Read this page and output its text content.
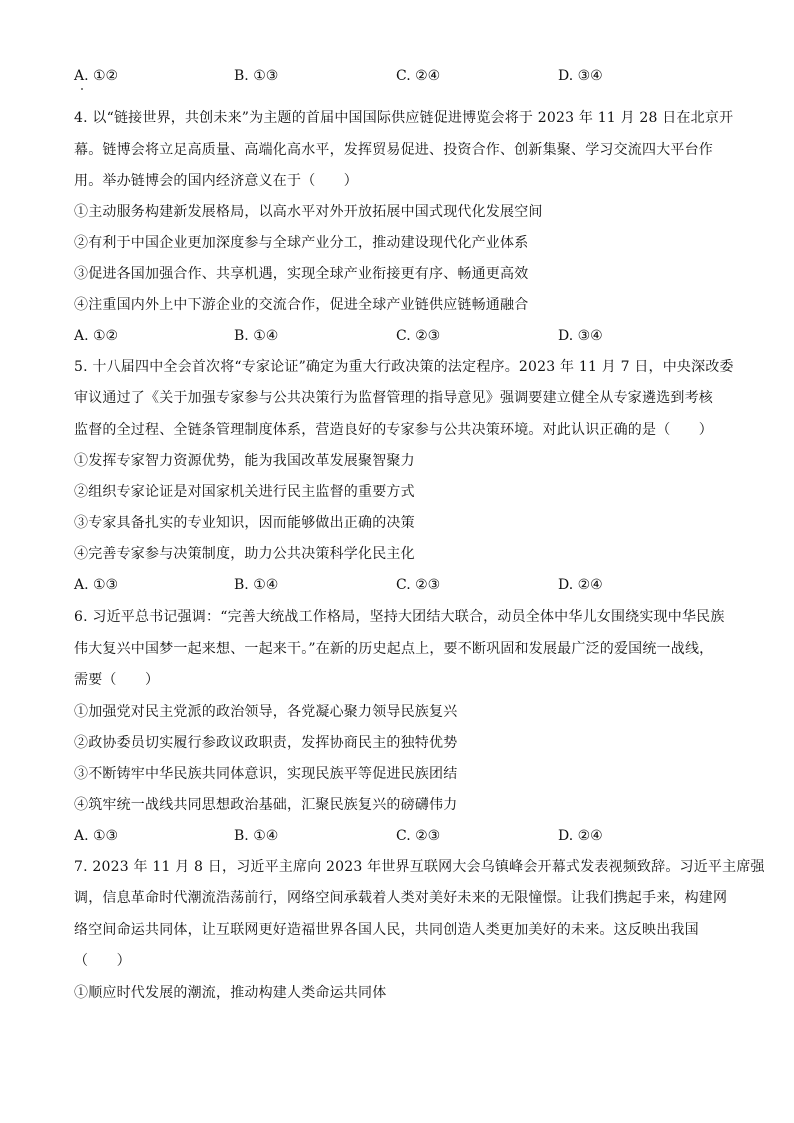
A. ①②	B. ①③	C. ②④	D. ③④
4. 以“链接世界，共创未来”为主题的首届中国国际供应链促进博览会将于 2023 年 11 月 28 日在北京开
幕。链博会将立足高质量、高端化高水平，发挥贸易促进、投资合作、创新集聚、学习交流四大平台作
用。举办链博会的国内经济意义在于（　　）
①主动服务构建新发展格局，以高水平对外开放拓展中国式现代化发展空间
②有利于中国企业更加深度参与全球产业分工，推动建设现代化产业体系
③促进各国加强合作、共享机遇，实现全球产业衔接更有序、畅通更高效
④注重国内外上中下游企业的交流合作，促进全球产业链供应链畅通融合
A. ①②	B. ①④	C. ②③	D. ③④
5. 十八届四中全会首次将“专家论证”确定为重大行政决策的法定程序。2023 年 11 月 7 日，中央深改委
审议通过了《关于加强专家参与公共决策行为监督管理的指导意见》强调要建立健全从专家遴选到考核
监督的全过程、全链条管理制度体系，营造良好的专家参与公共决策环境。对此认识正确的是（　　）
①发挥专家智力资源优势，能为我国改革发展聚智聚力
②组织专家论证是对国家机关进行民主监督的重要方式
③专家具备扎实的专业知识，因而能够做出正确的决策
④完善专家参与决策制度，助力公共决策科学化民主化
A. ①③	B. ①④	C. ②③	D. ②④
6. 习近平总书记强调：“完善大统战工作格局，坚持大团结大联合，动员全体中华儿女围绕实现中华民族
伟大复兴中国梦一起来想、一起来干。”在新的历史起点上，要不断巩固和发展最广泛的爱国统一战线，
需要（　　）
①加强党对民主党派的政治领导，各党凝心聚力领导民族复兴
②政协委员切实履行参政议政职责，发挥协商民主的独特优势
③不断铸牢中华民族共同体意识，实现民族平等促进民族团结
④筑牢统一战线共同思想政治基础，汇聚民族复兴的磅礴伟力
A. ①③	B. ①④	C. ②③	D. ②④
7. 2023 年 11 月 8 日，习近平主席向 2023 年世界互联网大会乌镇峰会开幕式发表视频致辞。习近平主席强
调，信息革命时代潮流浩荡前行，网络空间承载着人类对美好未来的无限憧憬。让我们携起手来，构建网
络空间命运共同体，让互联网更好造福世界各国人民，共同创造人类更加美好的未来。这反映出我国
（　　）
①顺应时代发展的潮流，推动构建人类命运共同体
